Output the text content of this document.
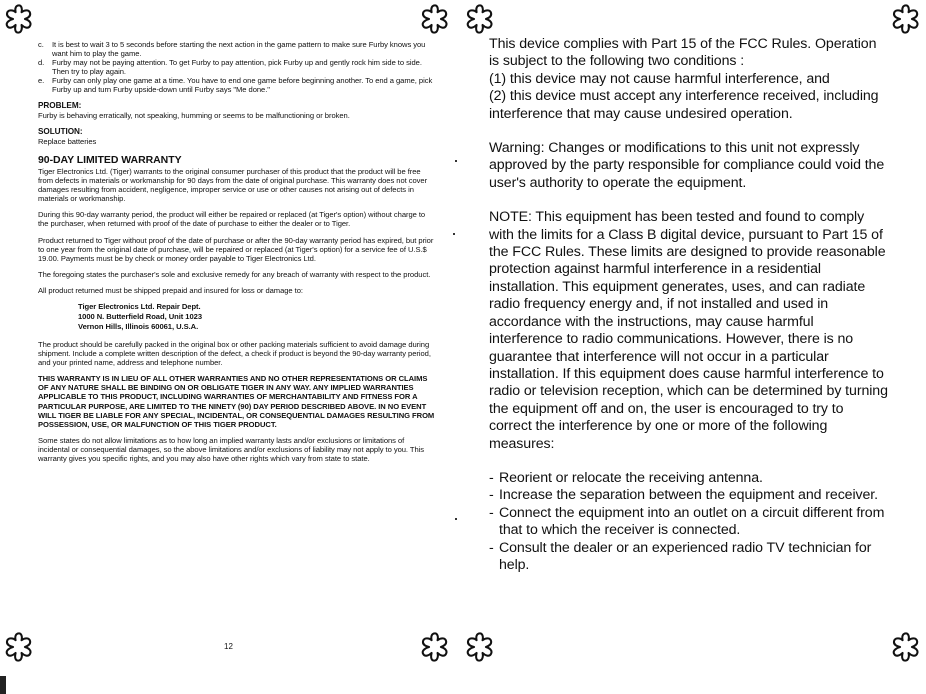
c.	It is best to wait 3 to 5 seconds before starting the next action in the game pattern to make sure Furby knows you want him to play the game.
d.	Furby may not be paying attention. To get Furby to pay attention, pick Furby up and gently rock him side to side. Then try to play again.
e.	Furby can only play one game at a time. You have to end one game before beginning another. To end a game, pick Furby up and turn Furby upside-down until Furby says "Me done."
PROBLEM:

Furby is behaving erratically, not speaking, humming or seems to be malfunctioning or broken.

SOLUTION:

Replace batteries

90-DAY LIMITED WARRANTY

Tiger Electronics Ltd. (Tiger) warrants to the original consumer purchaser of this product that the product will be free from defects in materials or workmanship for 90 days from the date of original purchase. This warranty does not cover damages resulting from accident, negligence, improper service or use or other causes not arising out of defects in materials or workmanship.

During this 90-day warranty period, the product will either be repaired or replaced (at Tiger's option) without charge to the purchaser, when returned with proof of the date of purchase to either the dealer or to Tiger.

Product returned to Tiger without proof of the date of purchase or after the 90-day warranty period has expired, but prior to one year from the original date of purchase, will be repaired or replaced (at Tiger's option) for a service fee of U.S.$ 19.00. Payments must be by check or money order payable to Tiger Electronics Ltd.

The foregoing states the purchaser's sole and exclusive remedy for any breach of warranty with respect to the product.

All product returned must be shipped prepaid and insured for loss or damage to:

Tiger Electronics Ltd. Repair Dept.
1000 N. Butterfield Road, Unit 1023
Vernon Hills, Illinois 60061, U.S.A.

The product should be carefully packed in the original box or other packing materials sufficient to avoid damage during shipment. Include a complete written description of the defect, a check if product is beyond the 90-day warranty period, and your printed name, address and telephone number.

THIS WARRANTY IS IN LIEU OF ALL OTHER WARRANTIES AND NO OTHER REPRESENTATIONS OR CLAIMS OF ANY NATURE SHALL BE BINDING ON OR OBLIGATE TIGER IN ANY WAY. ANY IMPLIED WARRANTIES APPLICABLE TO THIS PRODUCT, INCLUDING WARRANTIES OF MERCHANTABILITY AND FITNESS FOR A PARTICULAR PURPOSE, ARE LIMITED TO THE NINETY (90) DAY PERIOD DESCRIBED ABOVE. IN NO EVENT WILL TIGER BE LIABLE FOR ANY SPECIAL, INCIDENTAL, OR CONSEQUENTIAL DAMAGES RESULTING FROM POSSESSION, USE, OR MALFUNCTION OF THIS TIGER PRODUCT.

Some states do not allow limitations as to how long an implied warranty lasts and/or exclusions or limitations of incidental or consequential damages, so the above limitations and/or exclusions of liability may not apply to you. This warranty gives you specific rights, and you may also have other rights which vary from state to state.

12
This device complies with Part 15 of the FCC Rules. Operation is subject to the following two conditions :
(1) this device may not cause harmful interference, and
(2) this device must accept any interference received, including interference that may cause undesired operation.

Warning: Changes or modifications to this unit not expressly approved by the party responsible for compliance could void the user's authority to operate the equipment.

NOTE: This equipment has been tested and found to comply with the limits for a Class B digital device, pursuant to Part 15 of the FCC Rules. These limits are designed to provide reasonable protection against harmful interference in a residential installation. This equipment generates, uses, and can radiate radio frequency energy and, if not installed and used in accordance with the instructions, may cause harmful interference to radio communications. However, there is no guarantee that interference will not occur in a particular installation. If this equipment does cause harmful interference to radio or television reception, which can be determined by turning the equipment off and on, the user is encouraged to try to correct the interference by one or more of the following measures:

- Reorient or relocate the receiving antenna.
- Increase the separation between the equipment and receiver.
- Connect the equipment into an outlet on a circuit different from that to which the receiver is connected.
- Consult the dealer or an experienced radio TV technician for help.
